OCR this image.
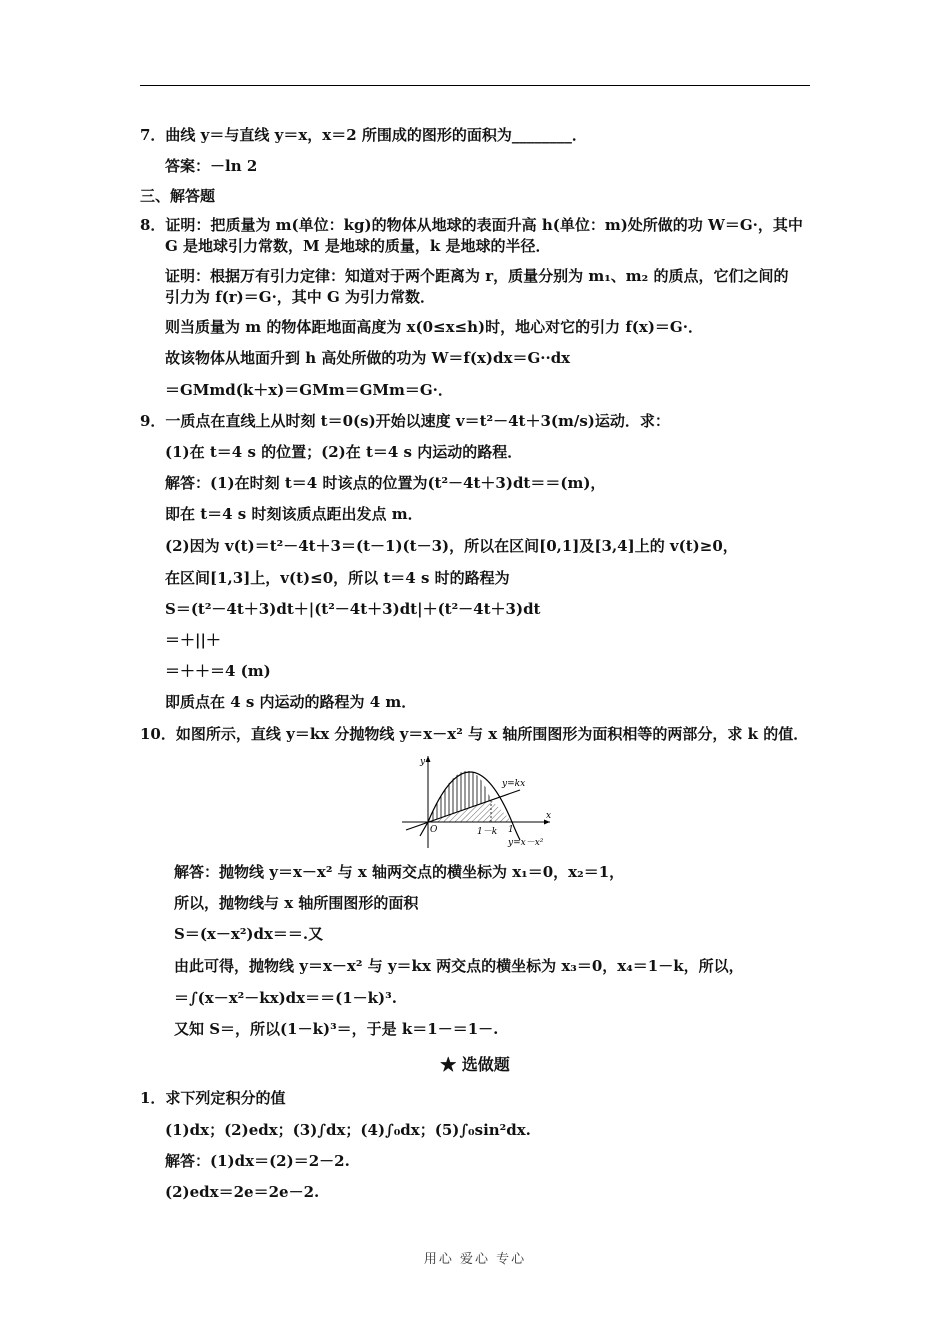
7．曲线 y＝与直线 y＝x，x＝2 所围成的图形的面积为________．
答案：－ln 2
三、解答题
8．证明：把质量为 m(单位：kg)的物体从地球的表面升高 h(单位：m)处所做的功 W＝G·，其中
G 是地球引力常数，M 是地球的质量，k 是地球的半径．
证明：根据万有引力定律：知道对于两个距离为 r，质量分别为 m₁、m₂ 的质点，它们之间的
引力为 f(r)＝G·，其中 G 为引力常数．
则当质量为 m 的物体距地面高度为 x(0≤x≤h)时，地心对它的引力 f(x)＝G·．
故该物体从地面升到 h 高处所做的功为 W＝f(x)dx＝G··dx
＝GMmd(k＋x)＝GMm＝GMm＝G·．
9．一质点在直线上从时刻 t＝0(s)开始以速度 v＝t²－4t＋3(m/s)运动．求：
(1)在 t＝4 s 的位置；(2)在 t＝4 s 内运动的路程．
解答：(1)在时刻 t＝4 时该点的位置为(t²－4t＋3)dt＝＝(m)，
即在 t＝4 s 时刻该质点距出发点 m．
(2)因为 v(t)＝t²－4t＋3＝(t－1)(t－3)，所以在区间[0,1]及[3,4]上的 v(t)≥0，
在区间[1,3]上，v(t)≤0，所以 t＝4 s 时的路程为
S＝(t²－4t＋3)dt＋|(t²－4t＋3)dt|＋(t²－4t＋3)dt
＝＋||＋
＝＋＋＝4 (m)
即质点在 4 s 内运动的路程为 4 m．
10．如图所示，直线 y＝kx 分抛物线 y＝x－x² 与 x 轴所围图形为面积相等的两部分，求 k 的值．
y
x
O
y=kx
1－k 1
y=x－x²
解答：抛物线 y＝x－x² 与 x 轴两交点的横坐标为 x₁＝0，x₂＝1，
所以，抛物线与 x 轴所围图形的面积
S＝(x－x²)dx＝＝.又
由此可得，抛物线 y＝x－x² 与 y＝kx 两交点的横坐标为 x₃＝0，x₄＝1－k，所以，
＝∫(x－x²－kx)dx＝＝(1－k)³.
又知 S＝，所以(1－k)³＝，于是 k＝1－＝1－.
★ 选做题
1．求下列定积分的值
(1)dx；(2)edx；(3)∫dx；(4)∫₀dx；(5)∫₀sin²dx.
解答：(1)dx＝(2)＝2－2.
(2)edx＝2e＝2e－2.
用心 爱心 专心
